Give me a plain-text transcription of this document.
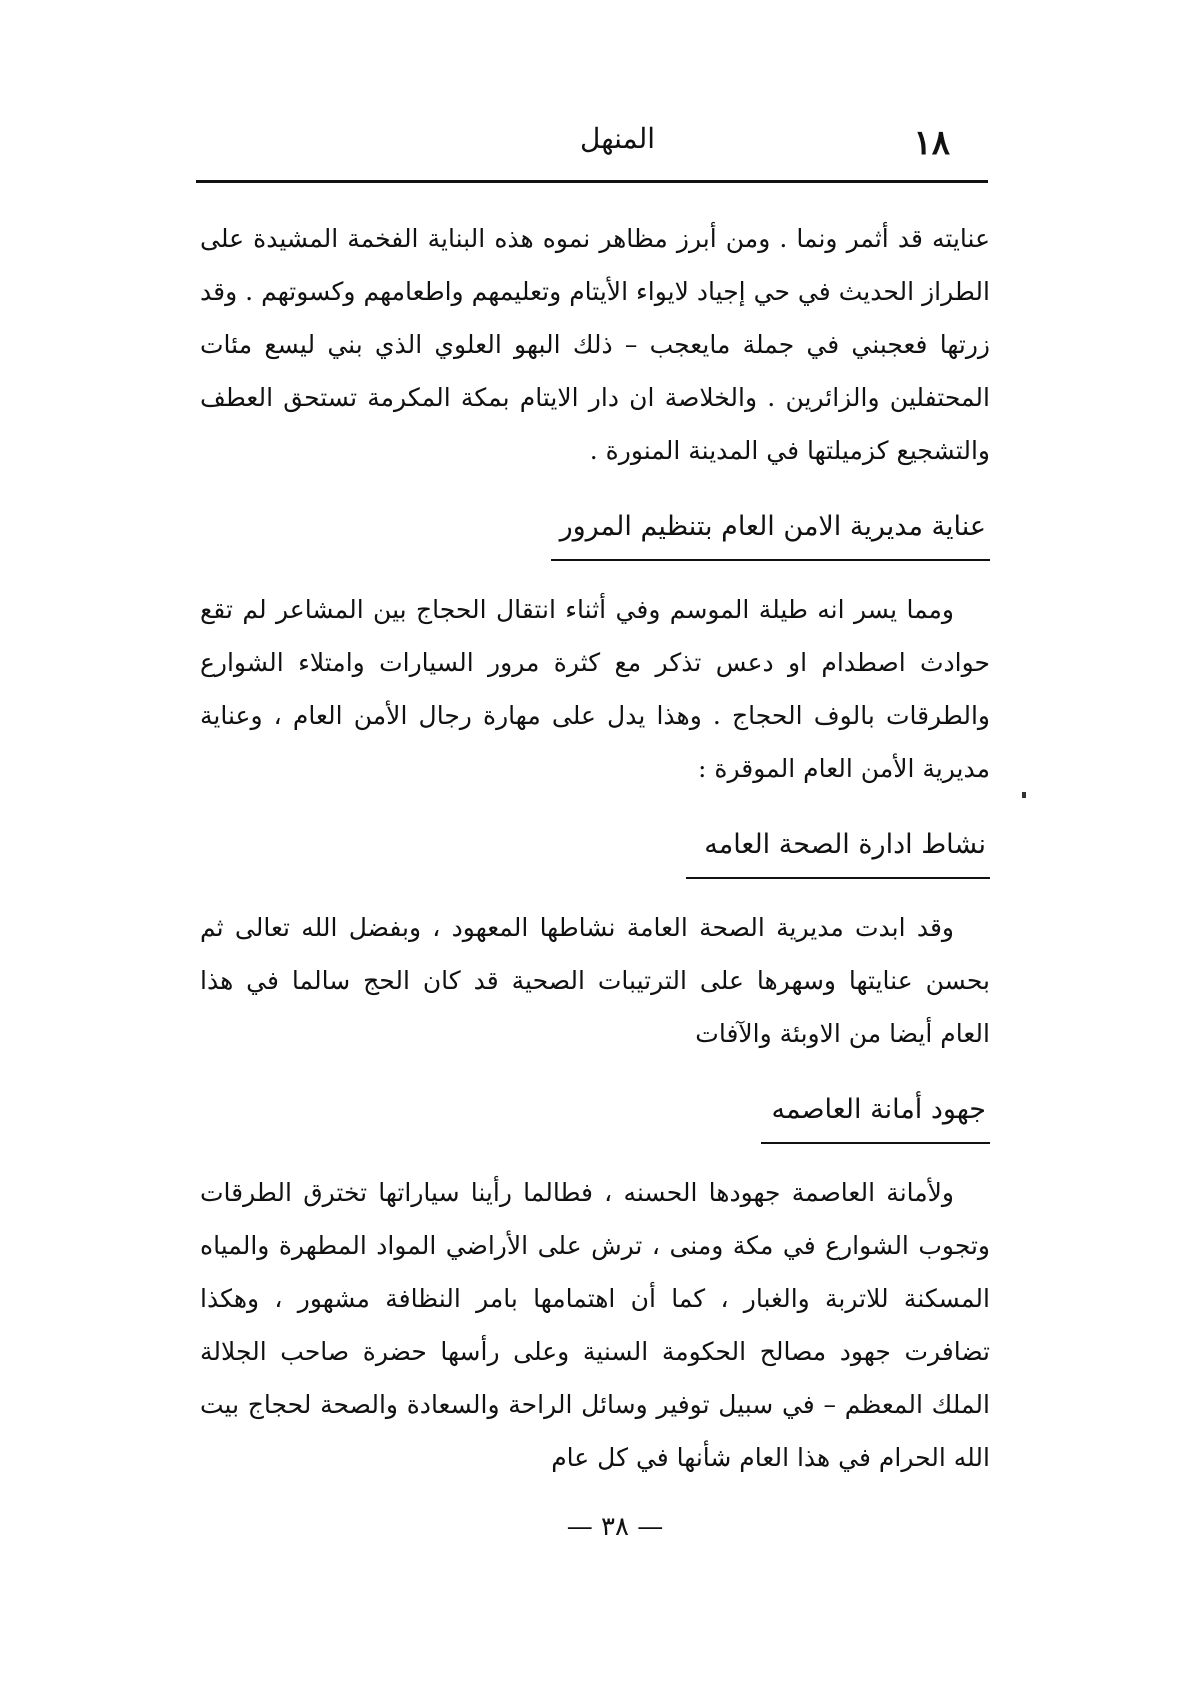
المنهل	١٨

عنايته قد أثمر ونما . ومن أبرز مظاهر نموه هذه البناية الفخمة المشيدة على الطراز الحديث في حي إجياد لايواء الأيتام وتعليمهم واطعامهم وكسوتهم . وقد زرتها فعجبني في جملة مايعجب – ذلك البهو العلوي الذي بني ليسع مئات المحتفلين والزائرين . والخلاصة ان دار الايتام بمكة المكرمة تستحق العطف والتشجيع كزميلتها في المدينة المنورة .

عناية مديرية الامن العام بتنظيم المرور

ومما يسر انه طيلة الموسم وفي أثناء انتقال الحجاج بين المشاعر لم تقع حوادث اصطدام او دعس تذكر مع كثرة مرور السيارات وامتلاء الشوارع والطرقات بالوف الحجاج . وهذا يدل على مهارة رجال الأمن العام ، وعناية مديرية الأمن العام الموقرة :

نشاط ادارة الصحة العامه

وقد ابدت مديرية الصحة العامة نشاطها المعهود ، وبفضل الله تعالى ثم بحسن عنايتها وسهرها على الترتيبات الصحية قد كان الحج سالما في هذا العام أيضا من الاوبئة والآفات

جهود أمانة العاصمه

ولأمانة العاصمة جهودها الحسنه ، فطالما رأينا سياراتها تخترق الطرقات وتجوب الشوارع في مكة ومنى ، ترش على الأراضي المواد المطهرة والمياه المسكنة للاتربة والغبار ، كما أن اهتمامها بامر النظافة مشهور ، وهكذا تضافرت جهود مصالح الحكومة السنية وعلى رأسها حضرة صاحب الجلالة الملك المعظم – في سبيل توفير وسائل الراحة والسعادة والصحة لحجاج بيت الله الحرام في هذا العام شأنها في كل عام

— ٣٨ —
